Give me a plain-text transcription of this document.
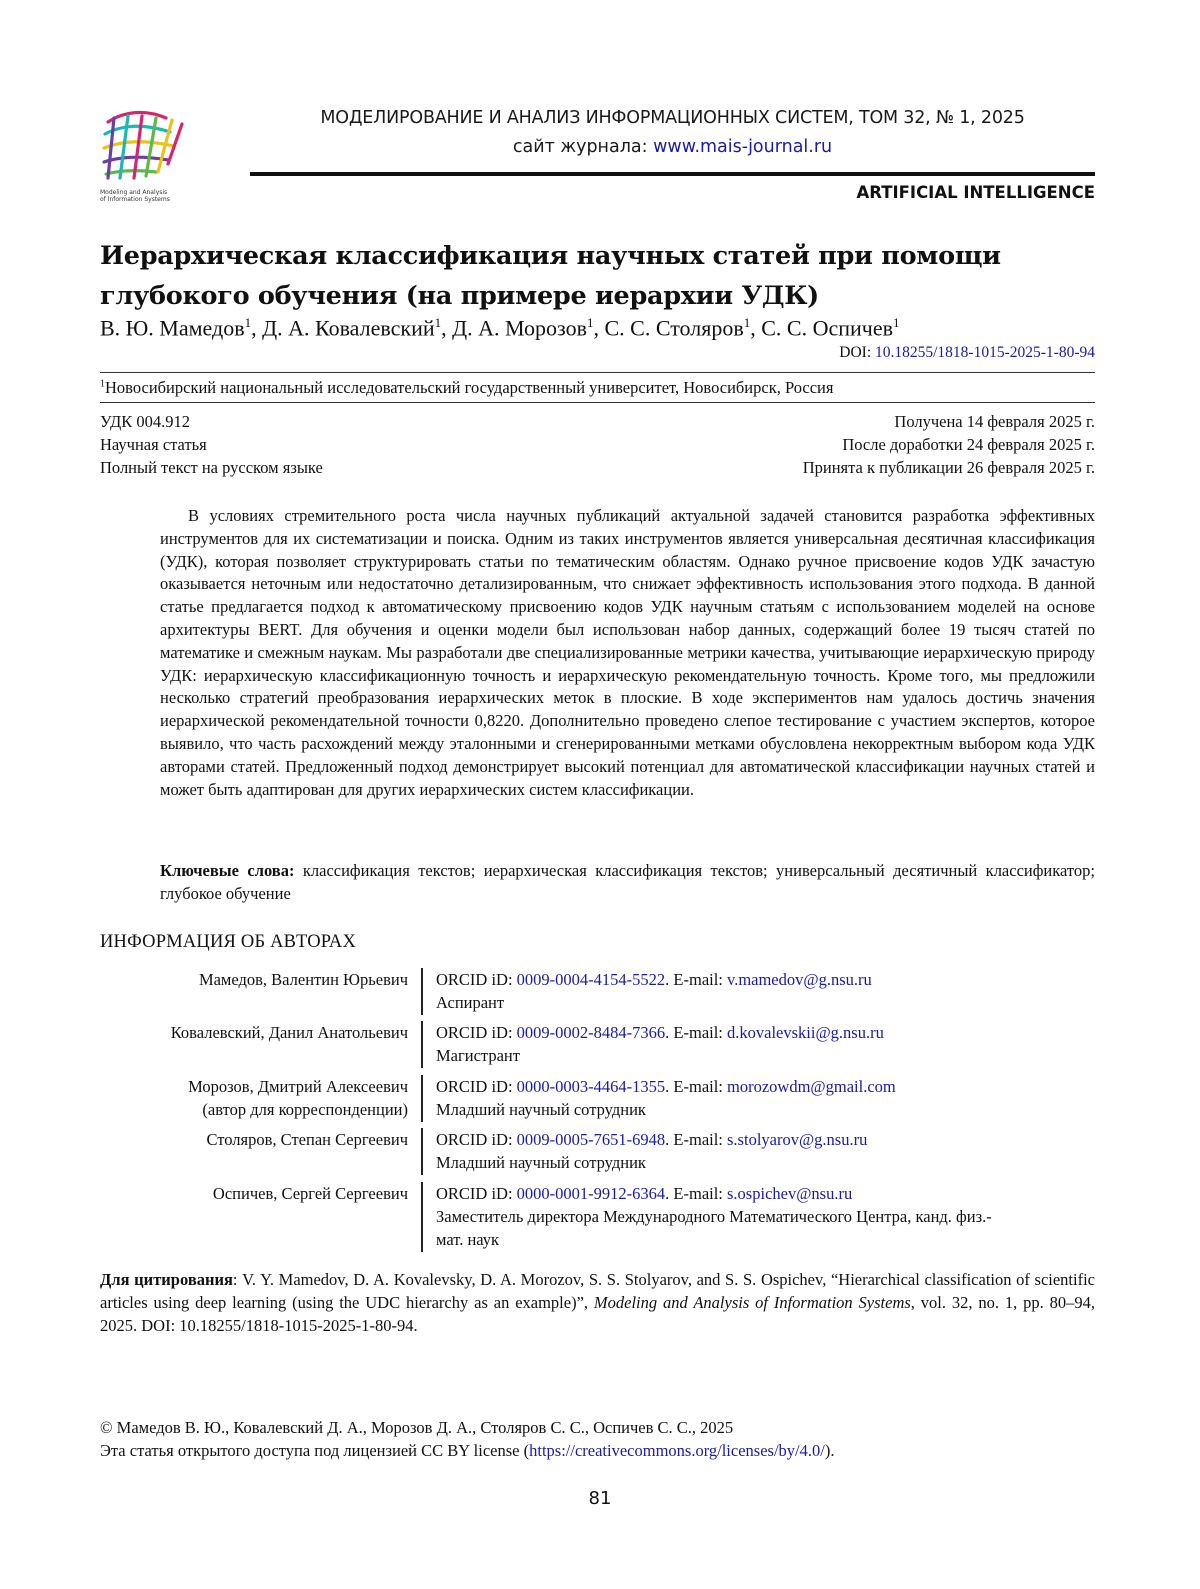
Modeling and Analysis
of Information Systems
МОДЕЛИРОВАНИЕ И АНАЛИЗ ИНФОРМАЦИОННЫХ СИСТЕМ, ТОМ 32, № 1, 2025
сайт журнала: www.mais-journal.ru
ARTIFICIAL INTELLIGENCE
Иерархическая классификация научных статей при помощи
глубокого обучения (на примере иерархии УДК)
В. Ю. Мамедов$^1$, Д. А. Ковалевский$^1$, Д. А. Морозов$^1$, С. С. Столяров$^1$, С. С. Оспичев$^1$
DOI: 10.18255/1818-1015-2025-1-80-94
$^1$Новосибирский национальный исследовательский государственный университет, Новосибирск, Россия
УДК 004.912
Научная статья
Полный текст на русском языке
Получена 14 февраля 2025 г.
После доработки 24 февраля 2025 г.
Принята к публикации 26 февраля 2025 г.

В условиях стремительного роста числа научных публикаций актуальной задачей становится разработка эффективных инструментов для их систематизации и поиска. Одним из таких инструментов является универсальная десятичная классификация (УДК), которая позволяет структурировать статьи по тематическим областям. Однако ручное присвоение кодов УДК зачастую оказывается неточным или недостаточно детализированным, что снижает эффективность использования этого подхода. В данной статье предлагается подход к автоматическому присвоению кодов УДК научным статьям с использованием моделей на основе архитектуры BERT. Для обучения и оценки модели был использован набор данных, содержащий более 19 тысяч статей по математике и смежным наукам. Мы разработали две специализированные метрики качества, учитывающие иерархическую природу УДК: иерархическую классификационную точность и иерархическую рекомендательную точность. Кроме того, мы предложили несколько стратегий преобразования иерархических меток в плоские. В ходе экспериментов нам удалось достичь значения иерархической рекомендательной точности 0,8220. Дополнительно проведено слепое тестирование с участием экспертов, которое выявило, что часть расхождений между эталонными и сгенерированными метками обусловлена некорректным выбором кода УДК авторами статей. Предложенный подход демонстрирует высокий потенциал для автоматической классификации научных статей и может быть адаптирован для других иерархических систем классификации.

Ключевые слова: классификация текстов; иерархическая классификация текстов; универсальный десятичный классификатор; глубокое обучение

ИНФОРМАЦИЯ ОБ АВТОРАХ
Мамедов, Валентин Юрьевич ORCID iD: 0009-0004-4154-5522. E-mail: v.mamedov@g.nsu.ru
Аспирант
Ковалевский, Данил Анатольевич ORCID iD: 0009-0002-8484-7366. E-mail: d.kovalevskii@g.nsu.ru
Магистрант
Морозов, Дмитрий Алексеевич
(автор для корреспонденции)
ORCID iD: 0000-0003-4464-1355. E-mail: morozowdm@gmail.com
Младший научный сотрудник
Столяров, Степан Сергеевич ORCID iD: 0009-0005-7651-6948. E-mail: s.stolyarov@g.nsu.ru
Младший научный сотрудник
Оспичев, Сергей Сергеевич ORCID iD: 0000-0001-9912-6364. E-mail: s.ospichev@nsu.ru
Заместитель директора Международного Математического Центра, канд. физ.-
мат. наук

Для цитирования: V. Y. Mamedov, D. A. Kovalevsky, D. A. Morozov, S. S. Stolyarov, and S. S. Ospichev, “Hierarchical classification of scientific articles using deep learning (using the UDC hierarchy as an example)”, Modeling and Analysis of Information Systems, vol. 32, no. 1, pp. 80–94, 2025. DOI: 10.18255/1818-1015-2025-1-80-94.

© Мамедов В. Ю., Ковалевский Д. А., Морозов Д. А., Столяров С. С., Оспичев С. С., 2025
Эта статья открытого доступа под лицензией CC BY license (https://creativecommons.org/licenses/by/4.0/).
81
